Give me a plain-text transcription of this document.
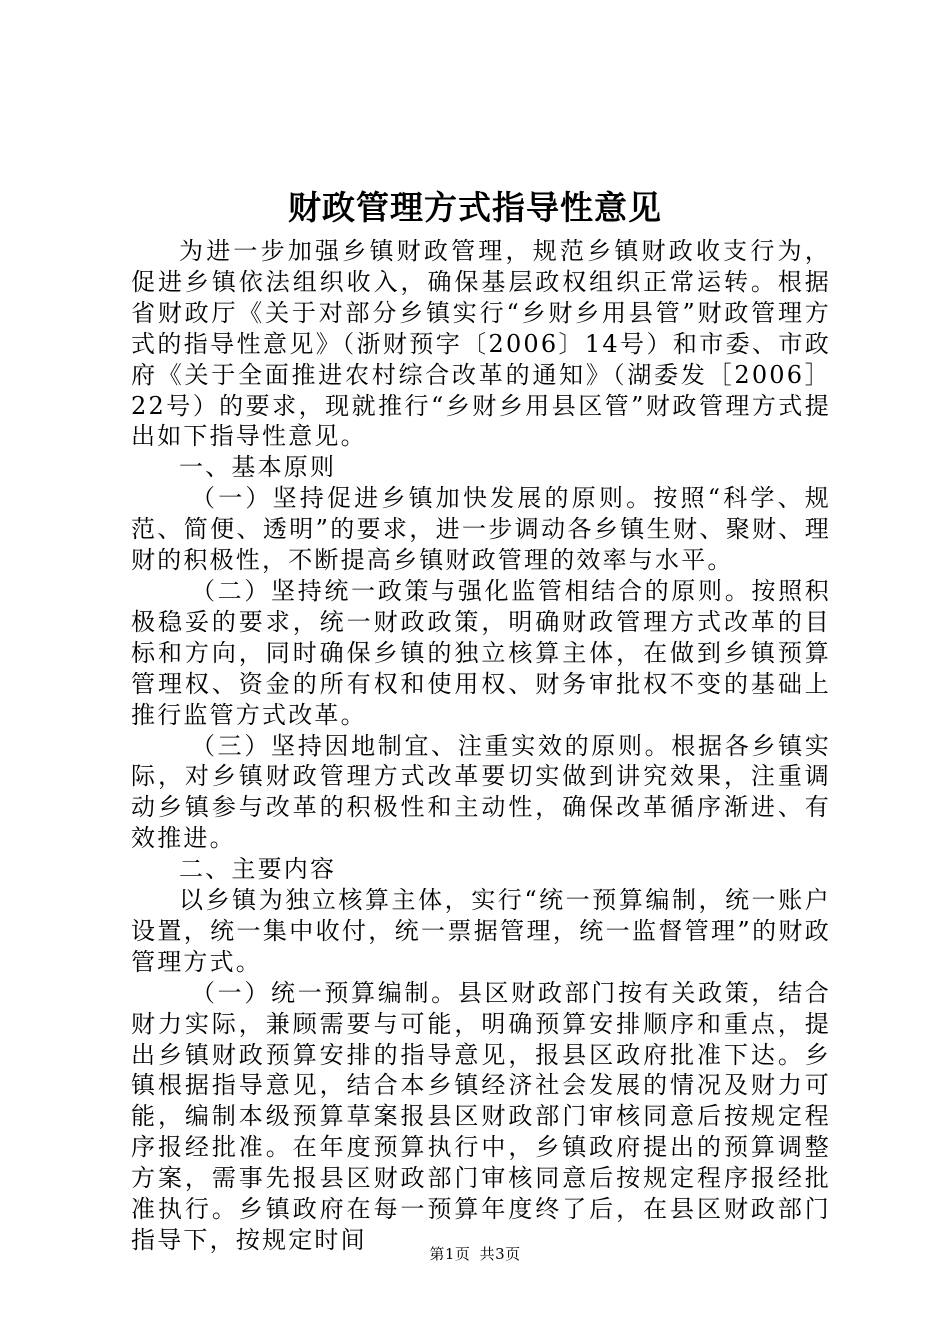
财政管理方式指导性意见

为进一步加强乡镇财政管理，规范乡镇财政收支行为，促进乡镇依法组织收入，确保基层政权组织正常运转。根据省财政厅《关于对部分乡镇实行“乡财乡用县管”财政管理方式的指导性意见》（浙财预字〔2006〕14号）和市委、市政府《关于全面推进农村综合改革的通知》（湖委发［2006］22号）的要求，现就推行“乡财乡用县区管”财政管理方式提出如下指导性意见。

一、基本原则

（一）坚持促进乡镇加快发展的原则。按照“科学、规范、简便、透明”的要求，进一步调动各乡镇生财、聚财、理财的积极性，不断提高乡镇财政管理的效率与水平。

（二）坚持统一政策与强化监管相结合的原则。按照积极稳妥的要求，统一财政政策，明确财政管理方式改革的目标和方向，同时确保乡镇的独立核算主体，在做到乡镇预算管理权、资金的所有权和使用权、财务审批权不变的基础上推行监管方式改革。

（三）坚持因地制宜、注重实效的原则。根据各乡镇实际，对乡镇财政管理方式改革要切实做到讲究效果，注重调动乡镇参与改革的积极性和主动性，确保改革循序渐进、有效推进。

二、主要内容

以乡镇为独立核算主体，实行“统一预算编制，统一账户设置，统一集中收付，统一票据管理，统一监督管理”的财政管理方式。

（一）统一预算编制。县区财政部门按有关政策，结合财力实际，兼顾需要与可能，明确预算安排顺序和重点，提出乡镇财政预算安排的指导意见，报县区政府批准下达。乡镇根据指导意见，结合本乡镇经济社会发展的情况及财力可能，编制本级预算草案报县区财政部门审核同意后按规定程序报经批准。在年度预算执行中，乡镇政府提出的预算调整方案，需事先报县区财政部门审核同意后按规定程序报经批准执行。乡镇政府在每一预算年度终了后，在县区财政部门指导下，按规定时间	第1页 共3页
